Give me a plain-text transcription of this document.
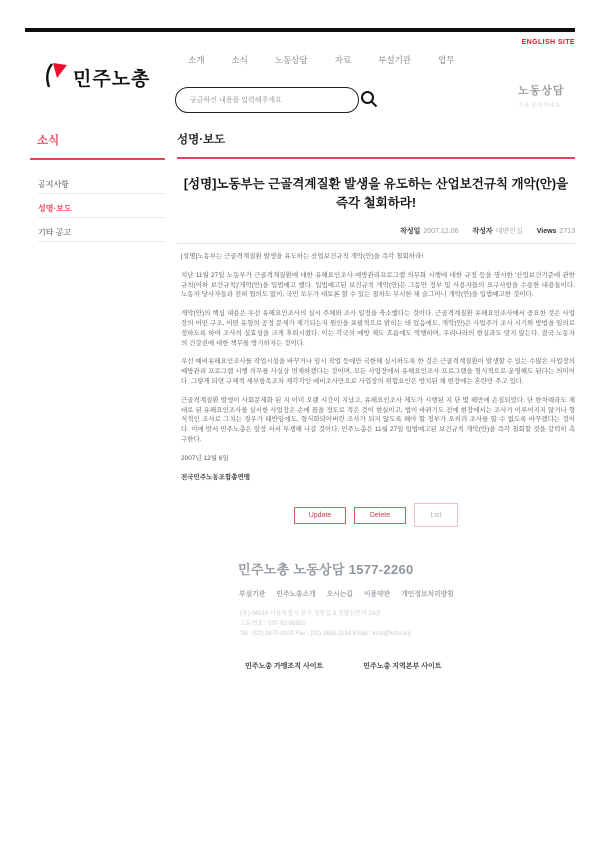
ENGLISH SITE
민주노총
소개	소식	노동상담	자료	부설기관	업무
궁금하신 내용을 입력해주세요
노동상담
지금 문의하세요
소식
공지사항
성명·보도
기타 공고
성명·보도
[성명]노동부는 근골격계질환 발생을 유도하는 산업보건규칙 개악(안)을 즉각 철회하라!
작성일 2007.12.06 작성자 대변인실 Views 2713

[성명]노동부는 근골격계질환 발생을 유도하는 산업보건규칙 개악(안)을 즉각 철회하라!

지난 11월 27일 노동부가 근골격계질환에 대한 유해요인조사·예방관리프로그램 의무화 시행에 대한 규정 등을 명시한 '산업보건기준에 관한 규칙(이하 보건규칙)'개악(안)을 입법예고 했다. 입법예고된 보건규칙 개악(안)은 그동안 정부 및 사용자들의 요구사항을 수용한 내용들이다. 노동자 당사자들과 전혀 협의도 없이, 국민 모두가 대토론 할 수 있는 절차도 무시한 채 슬그머니 개악(안)을 입법예고한 것이다.

개악(안)의 핵심 내용은 우선 유해요인조사의 실시 주체와 조사 일정을 축소했다는 것이다. 근골격계질환 유해요인조사에서 중요한 것은 사업장의 어떤 구조, 어떤 유형의 공정 문제가 제기되는지 원인을 포괄적으로 밝히는 데 있음에도, 개악(안)은 사업주가 조사 시기와 방법을 임의로 정하도록 하여 조사의 실효성을 크게 후퇴시켰다. 이는 각국의 예방 제도 흐름에도 역행하며, 우리나라의 현실과도 맞지 않는다. 결국 노동자의 건강권에 대한 책무를 방기하자는 것이다.

우선 예비유해요인조사를 작업시설을 바꾸거나 임시 작업 등에만 국한해 실시하도록 한 것은 근골격계질환이 발생할 수 있는 수많은 사업장의 예방관리 프로그램 시행 의무를 사실상 면제하겠다는 것이며, 모든 사업장에서 유해요인조사 프로그램을 형식적으로 운영해도 된다는 의미이다. 그렇게 되면 구체적 세부항목조차 제각각인 예비조사만으로 사업장의 위험요인은 방치된 채 현장에는 혼란만 주고 있다.

근골격계질환 발생이 사회문제화 된 지 이미 오랜 시간이 지났고, 유해요인조사 제도가 시행된 지 단 몇 해만에 손질되었다. 단 한차례라도 제대로 된 유해요인조사를 실시한 사업장은 손에 꼽을 정도로 적은 것이 현실이고, 법이 바뀌기도 전에 현장에서는 조사가 이루어지지 않거나 형식적인 조사로 그치는 경우가 태반임에도, 형식화되어버린 조사가 되지 않도록 해야 할 정부가 오히려 조사를 할 수 없도록 바꾸겠다는 것이다. 이에 맞서 민주노총은 앞장 서서 투쟁해 나갈 것이다. 민주노총은 11월 27일 입법예고된 보건규칙 개악(안)을 즉각 철회할 것을 강력히 촉구한다.

2007년 12월 6일

전국민주노동조합총연맹

Update	Delete	List
민주노총 노동상담 1577-2260
부설기관 민주노총소개 오시는길 이용약관 개인정보처리방침
(우) 04518 서울특별시 중구 정동길 3 경향신문사 14층
고유번호 : 107-82-06920
Tel : (02) 2670-9100 Fax : (02) 2635-1134 Email : kctu@kctu.org
민주노총 가맹조직 사이트	민주노총 지역본부 사이트
